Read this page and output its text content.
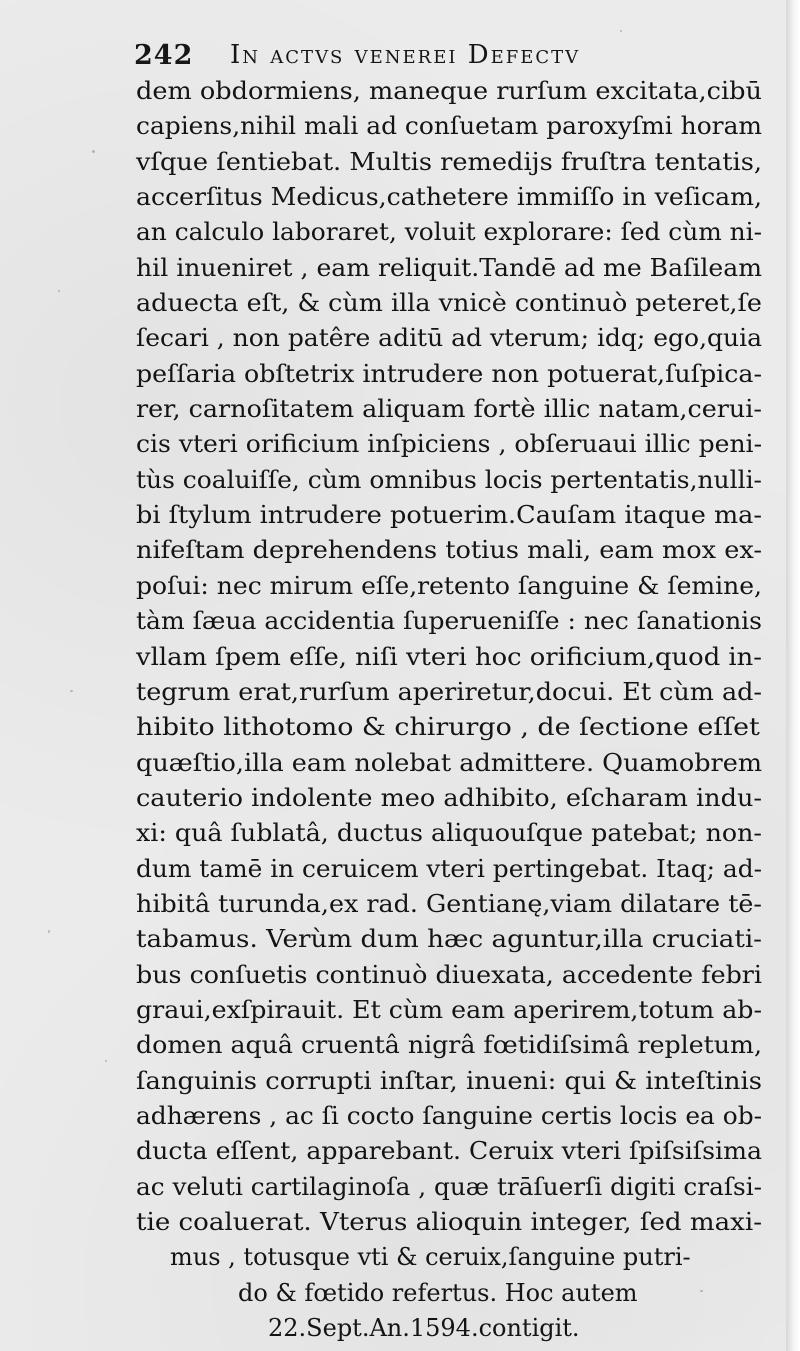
242 In actvs venerei Defectv
dem obdormiens, maneque rurſum excitata,cibū
capiens,nihil mali ad conſuetam paroxyſmi horam
vſque ſentiebat. Multis remedijs fruſtra tentatis,
accerſitus Medicus,cathetere immiſſo in veſicam,
an calculo laboraret, voluit explorare: ſed cùm ni-
hil inueniret , eam reliquit.Tandē ad me Baſileam
aduecta eſt, & cùm illa vnicè continuò peteret,ſe
ſecari , non patêre aditū ad vterum; idq; ego,quia
peſſaria obſtetrix intrudere non potuerat,ſuſpica-
rer, carnoſitatem aliquam fortè illic natam,cerui-
cis vteri orificium inſpiciens , obſeruaui illic peni-
tùs coaluiſſe, cùm omnibus locis pertentatis,nulli-
bi ſtylum intrudere potuerim.Cauſam itaque ma-
nifeſtam deprehendens totius mali, eam mox ex-
poſui: nec mirum eſſe,retento ſanguine & ſemine,
tàm ſæua accidentia ſuperueniſſe : nec ſanationis
vllam ſpem eſſe, niſi vteri hoc orificium,quod in-
tegrum erat,rurſum aperiretur,docui. Et cùm ad-
hibito lithotomo & chirurgo , de ſectione eſſet
quæſtio,illa eam nolebat admittere. Quamobrem
cauterio indolente meo adhibito, eſcharam indu-
xi: quâ ſublatâ, ductus aliquouſque patebat; non-
dum tamē in ceruicem vteri pertingebat. Itaq; ad-
hibitâ turunda,ex rad. Gentianę,viam dilatare tē-
tabamus. Verùm dum hæc aguntur,illa cruciati-
bus conſuetis continuò diuexata, accedente febri
graui,exſpirauit. Et cùm eam aperirem,totum ab-
domen aquâ cruentâ nigrâ fœtidiſsimâ repletum,
ſanguinis corrupti inſtar, inueni: qui & inteſtinis
adhærens , ac ſi cocto ſanguine certis locis ea ob-
ducta eſſent, apparebant. Ceruix vteri ſpiſsiſsima
ac veluti cartilaginoſa , quæ trāſuerſi digiti craſsi-
tie coaluerat. Vterus alioquin integer, ſed maxi-
mus , totusque vti & ceruix,ſanguine putri-
do & fœtido refertus. Hoc autem
22.Sept.An.1594.contigit.
